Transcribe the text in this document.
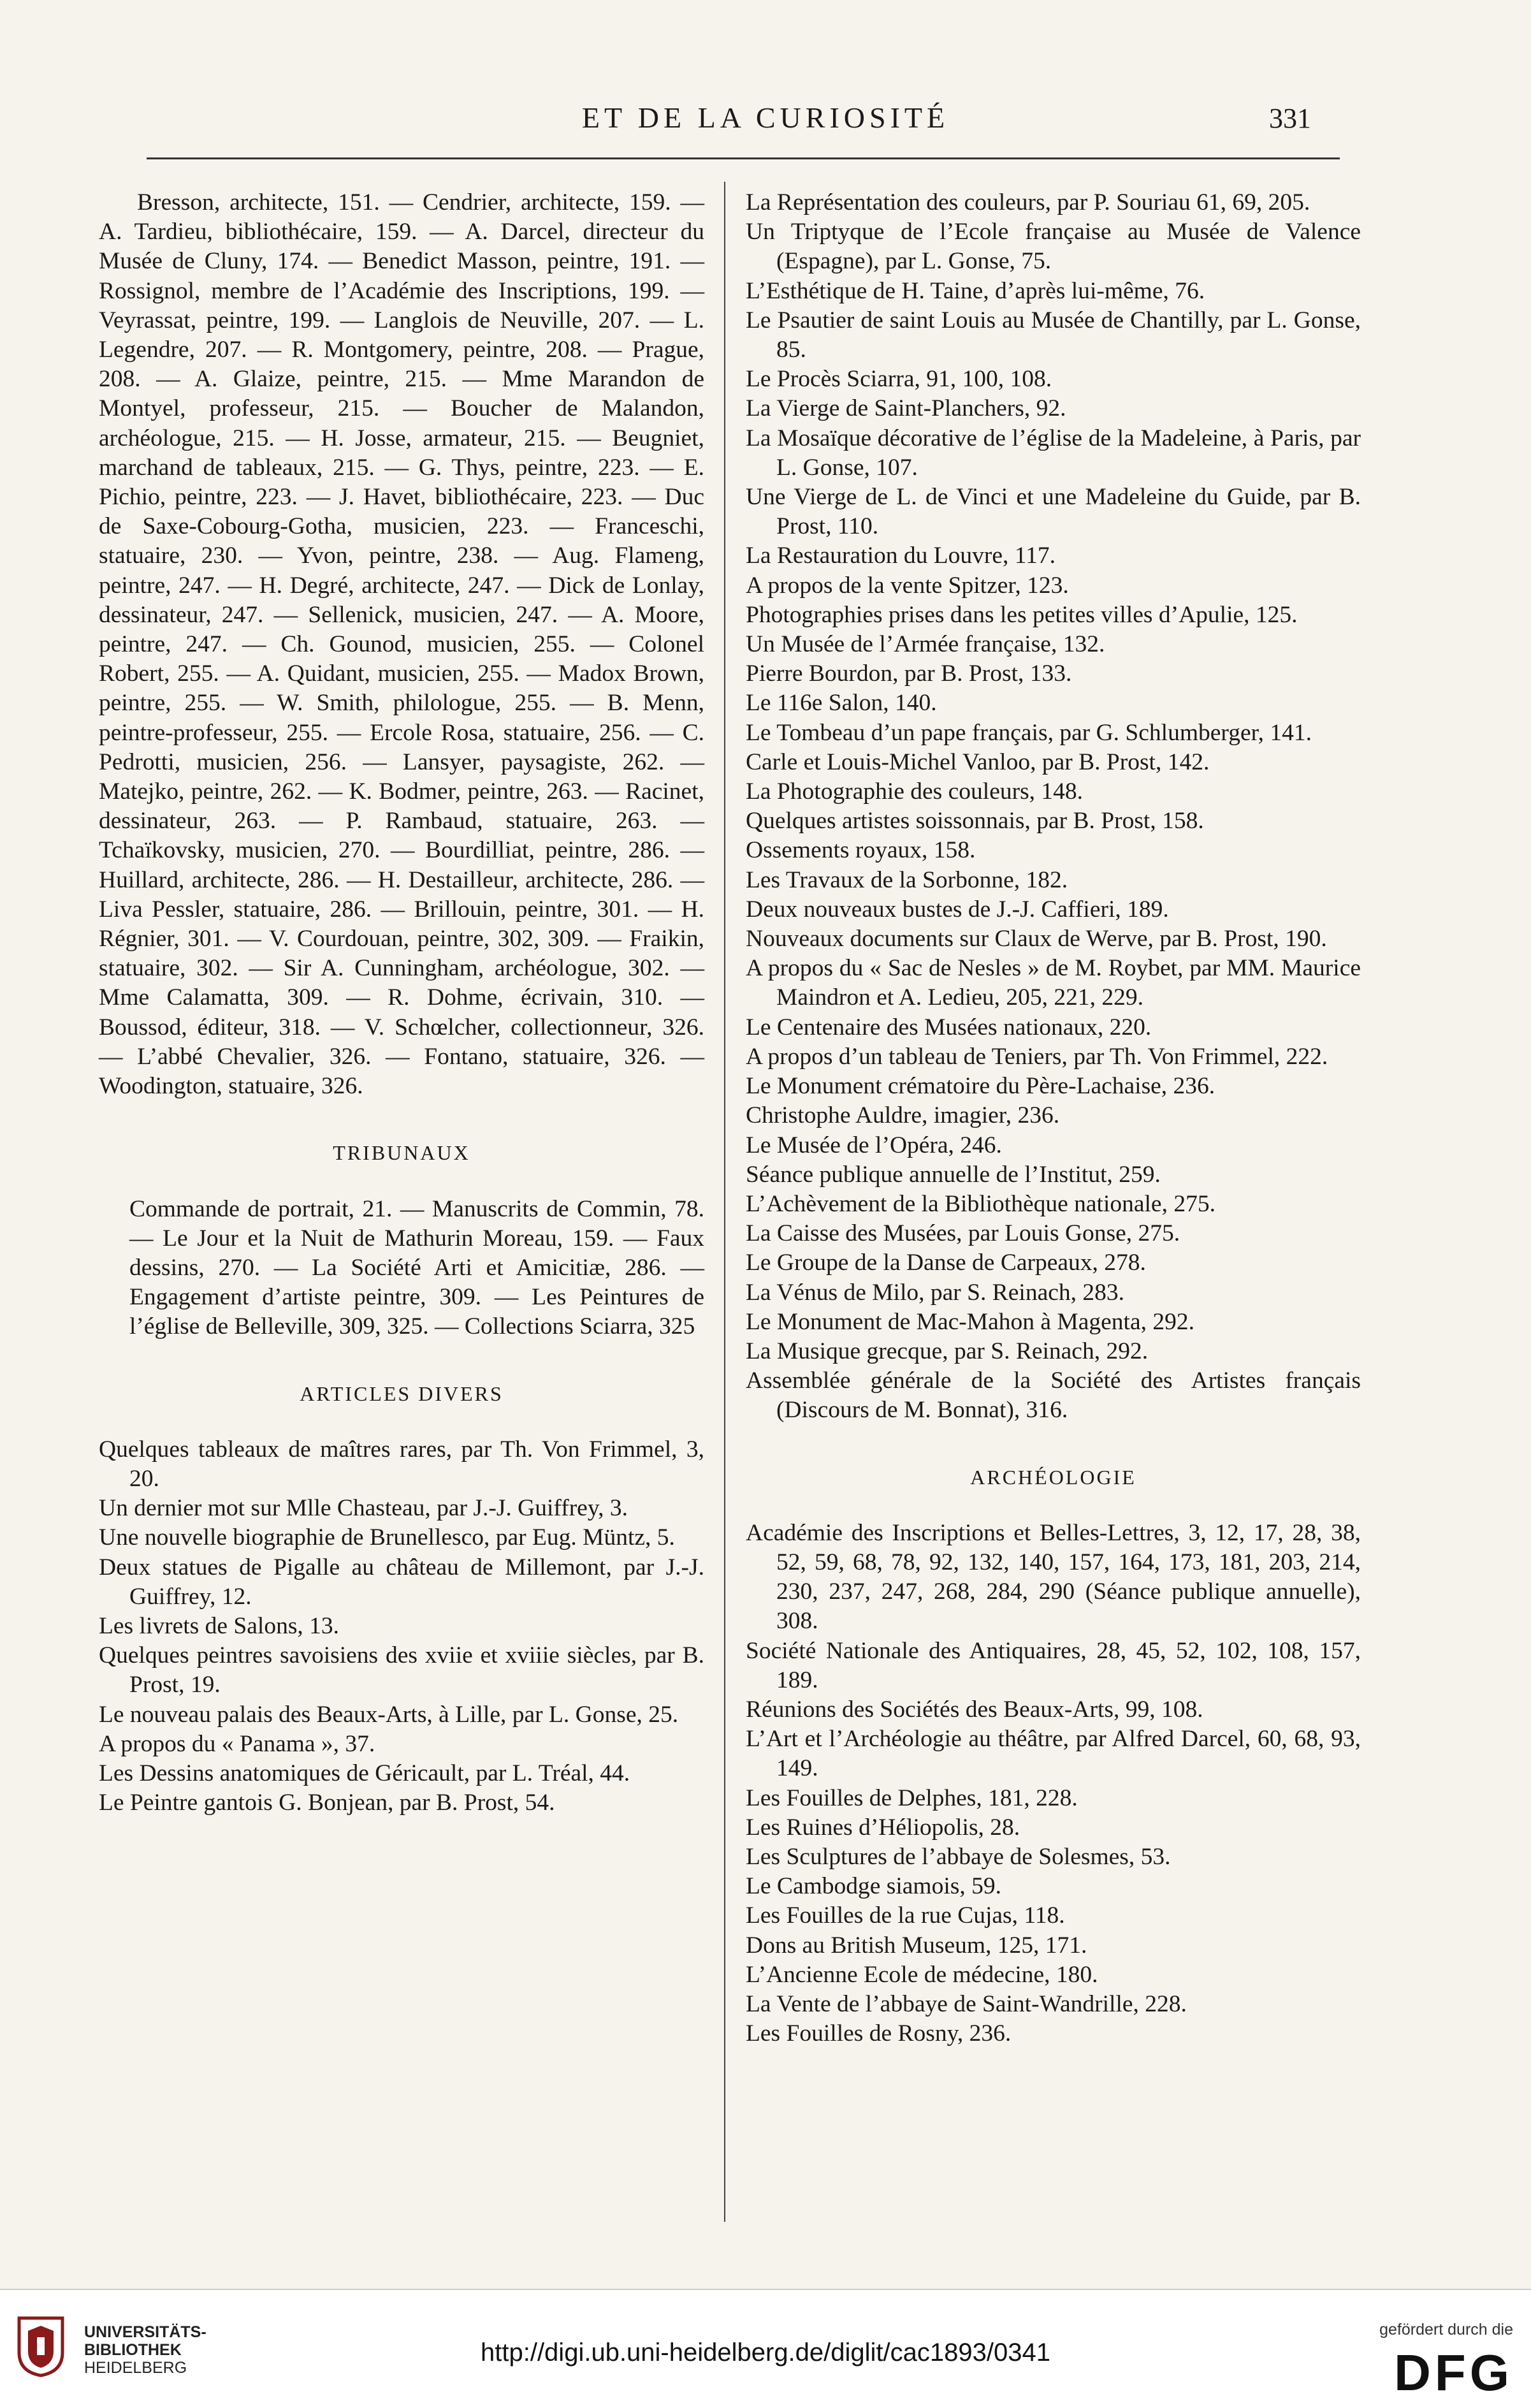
ET DE LA CURIOSITÉ	331

Bresson, architecte, 151. — Cendrier, architecte, 159. — A. Tardieu, bibliothécaire, 159. — A. Darcel, directeur du Musée de Cluny, 174. — Benedict Masson, peintre, 191. — Rossignol, membre de l’Académie des Inscriptions, 199. — Veyrassat, peintre, 199. — Langlois de Neuville, 207. — L. Legendre, 207. — R. Montgomery, peintre, 208. — Prague, 208. — A. Glaize, peintre, 215. — Mme Marandon de Montyel, professeur, 215. — Boucher de Malandon, archéologue, 215. — H. Josse, armateur, 215. — Beugniet, marchand de tableaux, 215. — G. Thys, peintre, 223. — E. Pichio, peintre, 223. — J. Havet, bibliothécaire, 223. — Duc de Saxe-Cobourg-Gotha, musicien, 223. — Franceschi, statuaire, 230. — Yvon, peintre, 238. — Aug. Flameng, peintre, 247. — H. Degré, architecte, 247. — Dick de Lonlay, dessinateur, 247. — Sellenick, musicien, 247. — A. Moore, peintre, 247. — Ch. Gounod, musicien, 255. — Colonel Robert, 255. — A. Quidant, musicien, 255. — Madox Brown, peintre, 255. — W. Smith, philologue, 255. — B. Menn, peintre-professeur, 255. — Ercole Rosa, statuaire, 256. — C. Pedrotti, musicien, 256. — Lansyer, paysagiste, 262. — Matejko, peintre, 262. — K. Bodmer, peintre, 263. — Racinet, dessinateur, 263. — P. Rambaud, statuaire, 263. — Tchaïkovsky, musicien, 270. — Bourdilliat, peintre, 286. — Huillard, architecte, 286. — H. Destailleur, architecte, 286. — Liva Pessler, statuaire, 286. — Brillouin, peintre, 301. — H. Régnier, 301. — V. Courdouan, peintre, 302, 309. — Fraikin, statuaire, 302. — Sir A. Cunningham, archéologue, 302. — Mme Calamatta, 309. — R. Dohme, écrivain, 310. — Boussod, éditeur, 318. — V. Schœlcher, collectionneur, 326. — L’abbé Chevalier, 326. — Fontano, statuaire, 326. — Woodington, statuaire, 326.

TRIBUNAUX

Commande de portrait, 21. — Manuscrits de Commin, 78. — Le Jour et la Nuit de Mathurin Moreau, 159. — Faux dessins, 270. — La Société Arti et Amicitiæ, 286. — Engagement d’artiste peintre, 309. — Les Peintures de l’église de Belleville, 309, 325. — Collections Sciarra, 325

ARTICLES DIVERS
Quelques tableaux de maîtres rares, par Th. Von Frimmel, 3, 20.
Un dernier mot sur Mlle Chasteau, par J.-J. Guiffrey, 3.
Une nouvelle biographie de Brunellesco, par Eug. Müntz, 5.
Deux statues de Pigalle au château de Millemont, par J.-J. Guiffrey, 12.
Les livrets de Salons, 13.
Quelques peintres savoisiens des xviie et xviiie siècles, par B. Prost, 19.
Le nouveau palais des Beaux-Arts, à Lille, par L. Gonse, 25.
A propos du « Panama », 37.
Les Dessins anatomiques de Géricault, par L. Tréal, 44.
Le Peintre gantois G. Bonjean, par B. Prost, 54.
La Représentation des couleurs, par P. Souriau 61, 69, 205.
Un Triptyque de l’Ecole française au Musée de Valence (Espagne), par L. Gonse, 75.
L’Esthétique de H. Taine, d’après lui-même, 76.
Le Psautier de saint Louis au Musée de Chantilly, par L. Gonse, 85.
Le Procès Sciarra, 91, 100, 108.
La Vierge de Saint-Planchers, 92.
La Mosaïque décorative de l’église de la Madeleine, à Paris, par L. Gonse, 107.
Une Vierge de L. de Vinci et une Madeleine du Guide, par B. Prost, 110.
La Restauration du Louvre, 117.
A propos de la vente Spitzer, 123.
Photographies prises dans les petites villes d’Apulie, 125.
Un Musée de l’Armée française, 132.
Pierre Bourdon, par B. Prost, 133.
Le 116e Salon, 140.
Le Tombeau d’un pape français, par G. Schlumberger, 141.
Carle et Louis-Michel Vanloo, par B. Prost, 142.
La Photographie des couleurs, 148.
Quelques artistes soissonnais, par B. Prost, 158.
Ossements royaux, 158.
Les Travaux de la Sorbonne, 182.
Deux nouveaux bustes de J.-J. Caffieri, 189.
Nouveaux documents sur Claux de Werve, par B. Prost, 190.
A propos du « Sac de Nesles » de M. Roybet, par MM. Maurice Maindron et A. Ledieu, 205, 221, 229.
Le Centenaire des Musées nationaux, 220.
A propos d’un tableau de Teniers, par Th. Von Frimmel, 222.
Le Monument crématoire du Père-Lachaise, 236.
Christophe Auldre, imagier, 236.
Le Musée de l’Opéra, 246.
Séance publique annuelle de l’Institut, 259.
L’Achèvement de la Bibliothèque nationale, 275.
La Caisse des Musées, par Louis Gonse, 275.
Le Groupe de la Danse de Carpeaux, 278.
La Vénus de Milo, par S. Reinach, 283.
Le Monument de Mac-Mahon à Magenta, 292.
La Musique grecque, par S. Reinach, 292.
Assemblée générale de la Société des Artistes français (Discours de M. Bonnat), 316.
ARCHÉOLOGIE
Académie des Inscriptions et Belles-Lettres, 3, 12, 17, 28, 38, 52, 59, 68, 78, 92, 132, 140, 157, 164, 173, 181, 203, 214, 230, 237, 247, 268, 284, 290 (Séance publique annuelle), 308.
Société Nationale des Antiquaires, 28, 45, 52, 102, 108, 157, 189.
Réunions des Sociétés des Beaux-Arts, 99, 108.
L’Art et l’Archéologie au théâtre, par Alfred Darcel, 60, 68, 93, 149.
Les Fouilles de Delphes, 181, 228.
Les Ruines d’Héliopolis, 28.
Les Sculptures de l’abbaye de Solesmes, 53.
Le Cambodge siamois, 59.
Les Fouilles de la rue Cujas, 118.
Dons au British Museum, 125, 171.
L’Ancienne Ecole de médecine, 180.
La Vente de l’abbaye de Saint-Wandrille, 228.
Les Fouilles de Rosny, 236.
UNIVERSITÄTS-
BIBLIOTHEK
HEIDELBERG
http://digi.ub.uni-heidelberg.de/diglit/cac1893/0341
gefördert durch die
DFG
